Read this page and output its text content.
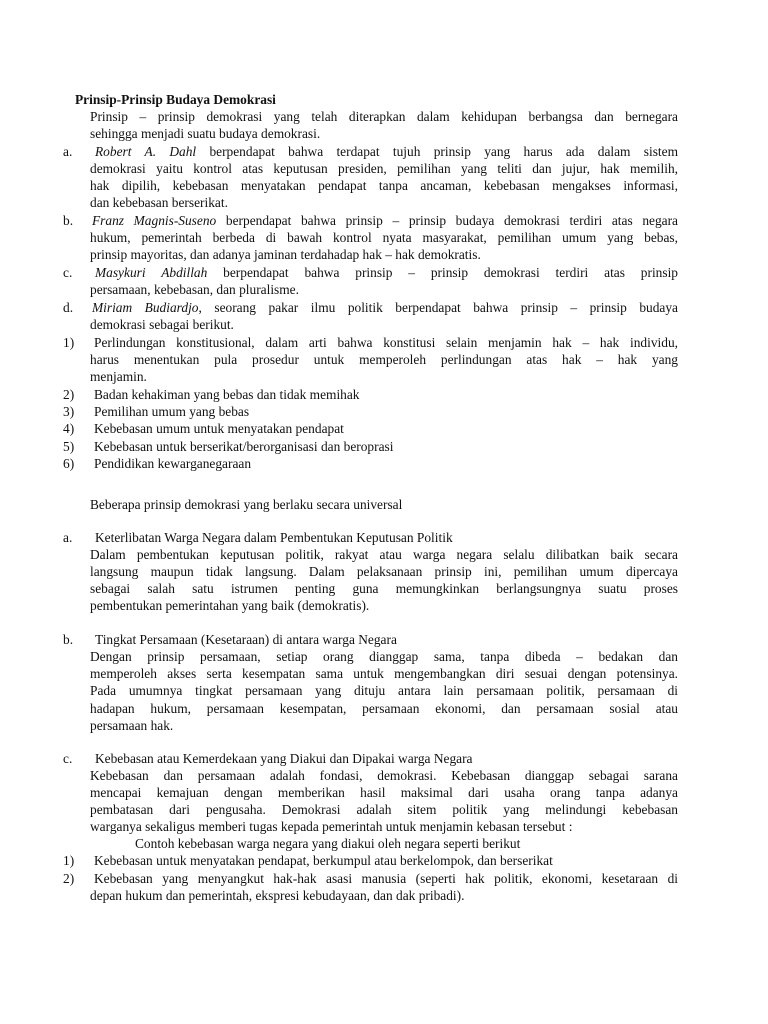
Prinsip-Prinsip Budaya Demokrasi
Prinsip – prinsip demokrasi yang telah diterapkan dalam kehidupan berbangsa dan bernegara
sehingga menjadi suatu budaya demokrasi.
a. Robert A. Dahl berpendapat bahwa terdapat tujuh prinsip yang harus ada dalam sistem
demokrasi yaitu kontrol atas keputusan presiden, pemilihan yang teliti dan jujur, hak memilih,
hak dipilih, kebebasan menyatakan pendapat tanpa ancaman, kebebasan mengakses informasi,
dan kebebasan berserikat.
b. Franz Magnis-Suseno berpendapat bahwa prinsip – prinsip budaya demokrasi terdiri atas negara
hukum, pemerintah berbeda di bawah kontrol nyata masyarakat, pemilihan umum yang bebas,
prinsip mayoritas, dan adanya jaminan terdahadap hak – hak demokratis.
c. Masykuri Abdillah berpendapat bahwa prinsip – prinsip demokrasi terdiri atas prinsip
persamaan, kebebasan, dan pluralisme.
d. Miriam Budiardjo, seorang pakar ilmu politik berpendapat bahwa prinsip – prinsip budaya
demokrasi sebagai berikut.
1) Perlindungan konstitusional, dalam arti bahwa konstitusi selain menjamin hak – hak individu,
harus menentukan pula prosedur untuk memperoleh perlindungan atas hak – hak yang
menjamin.
2) Badan kehakiman yang bebas dan tidak memihak
3) Pemilihan umum yang bebas
4) Kebebasan umum untuk menyatakan pendapat
5) Kebebasan untuk berserikat/berorganisasi dan beroprasi
6) Pendidikan kewarganegaraan
Beberapa prinsip demokrasi yang berlaku secara universal
a. Keterlibatan Warga Negara dalam Pembentukan Keputusan Politik
Dalam pembentukan keputusan politik, rakyat atau warga negara selalu dilibatkan baik secara
langsung maupun tidak langsung. Dalam pelaksanaan prinsip ini, pemilihan umum dipercaya
sebagai salah satu istrumen penting guna memungkinkan berlangsungnya suatu proses
pembentukan pemerintahan yang baik (demokratis).
b. Tingkat Persamaan (Kesetaraan) di antara warga Negara
Dengan prinsip persamaan, setiap orang dianggap sama, tanpa dibeda – bedakan dan
memperoleh akses serta kesempatan sama untuk mengembangkan diri sesuai dengan potensinya.
Pada umumnya tingkat persamaan yang dituju antara lain persamaan politik, persamaan di
hadapan hukum, persamaan kesempatan, persamaan ekonomi, dan persamaan sosial atau
persamaan hak.
c. Kebebasan atau Kemerdekaan yang Diakui dan Dipakai warga Negara
Kebebasan dan persamaan adalah fondasi, demokrasi. Kebebasan dianggap sebagai sarana
mencapai kemajuan dengan memberikan hasil maksimal dari usaha orang tanpa adanya
pembatasan dari pengusaha. Demokrasi adalah sitem politik yang melindungi kebebasan
warganya sekaligus memberi tugas kepada pemerintah untuk menjamin kebasan tersebut :
Contoh kebebasan warga negara yang diakui oleh negara seperti berikut
1) Kebebasan untuk menyatakan pendapat, berkumpul atau berkelompok, dan berserikat
2) Kebebasan yang menyangkut hak-hak asasi manusia (seperti hak politik, ekonomi, kesetaraan di
depan hukum dan pemerintah, ekspresi kebudayaan, dan dak pribadi).
